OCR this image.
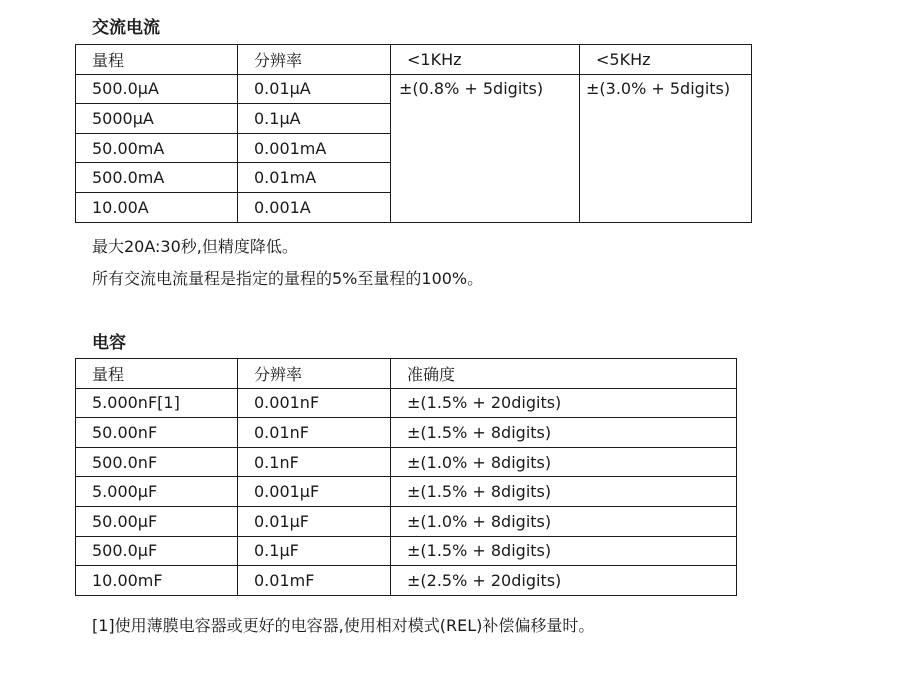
交流电流
量程	分辨率	<1KHz	<5KHz
500.0µA	0.01µA	±(0.8% + 5digits)	±(3.0% + 5digits)
5000µA	0.1µA		
50.00mA	0.001mA		
500.0mA	0.01mA		
10.00A	0.001A		

最大20A:30秒,但精度降低。

所有交流电流量程是指定的量程的5%至量程的100%。

电容
量程	分辨率	准确度
5.000nF[1]	0.001nF	±(1.5% + 20digits)
50.00nF	0.01nF	±(1.5% + 8digits)
500.0nF	0.1nF	±(1.0% + 8digits)
5.000µF	0.001µF	±(1.5% + 8digits)
50.00µF	0.01µF	±(1.0% + 8digits)
500.0µF	0.1µF	±(1.5% + 8digits)
10.00mF	0.01mF	±(2.5% + 20digits)

[1]使用薄膜电容器或更好的电容器,使用相对模式(REL)补偿偏移量时。
